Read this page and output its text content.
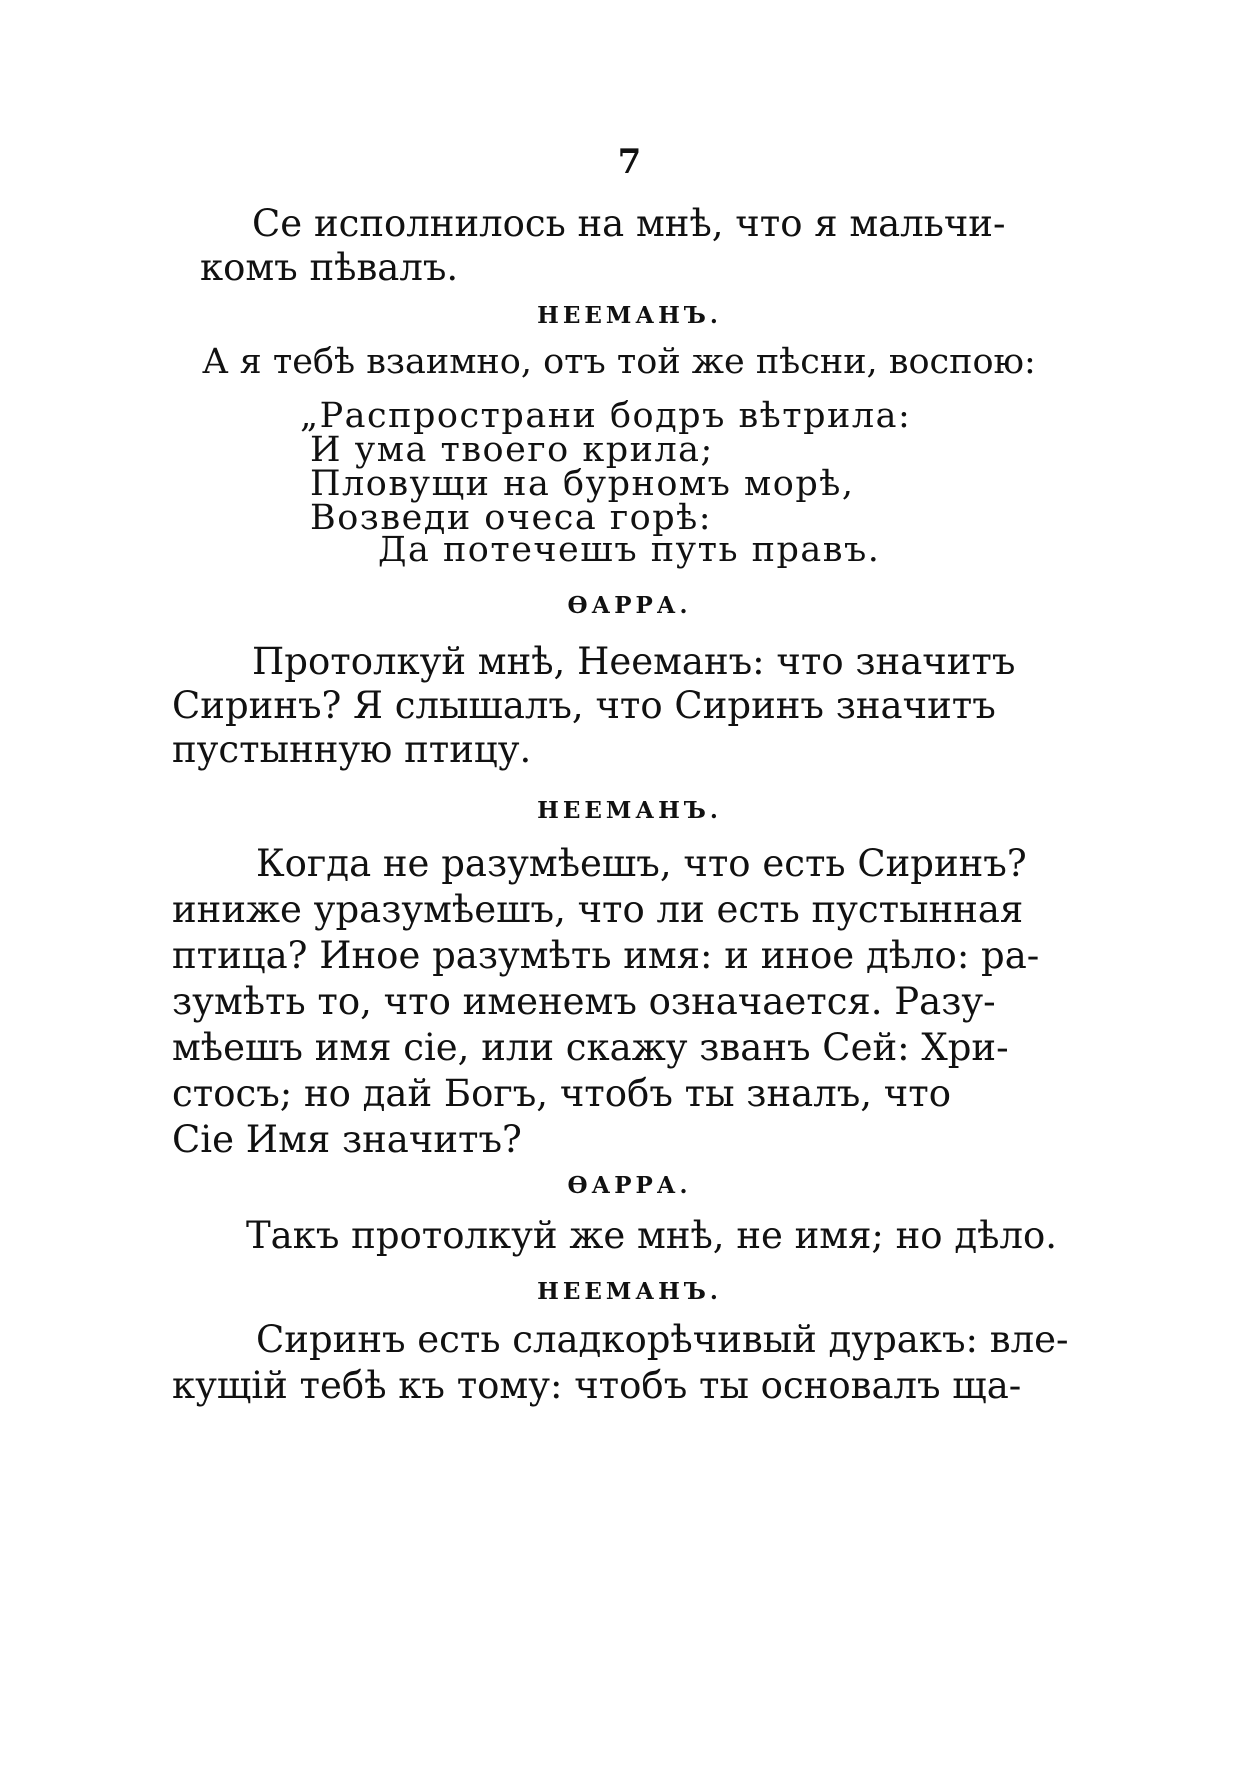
7
Се исполнилось на мнѣ, что я мальчи-
комъ пѣвалъ.
НЕЕМАНЪ.
А я тебѣ взаимно, отъ той же пѣсни, воспою:
„Распространи бодръ вѣтрила:
И ума твоего крила;
Пловущи на бурномъ морѣ,
Возведи очеса горѣ:
Да потечешъ путь правъ.
ѲАРРА.
Протолкуй мнѣ, Нееманъ: что значитъ
Сиринъ? Я слышалъ, что Сиринъ значитъ
пустынную птицу.
НЕЕМАНЪ.
Когда не разумѣешъ, что есть Сиринъ?
иниже уразумѣешъ, что ли есть пустынная
птица? Иное разумѣть имя: и иное дѣло: ра-
зумѣть то, что именемъ означается. Разу-
мѣешъ имя сіе, или скажу званъ Сей: Хри-
стосъ; но дай Богъ, чтобъ ты зналъ, что
Сіе Имя значитъ?
ѲАРРА.
Такъ протолкуй же мнѣ, не имя; но дѣло.
НЕЕМАНЪ.
Сиринъ есть сладкорѣчивый дуракъ: вле-
кущій тебѣ къ тому: чтобъ ты основалъ ща-
